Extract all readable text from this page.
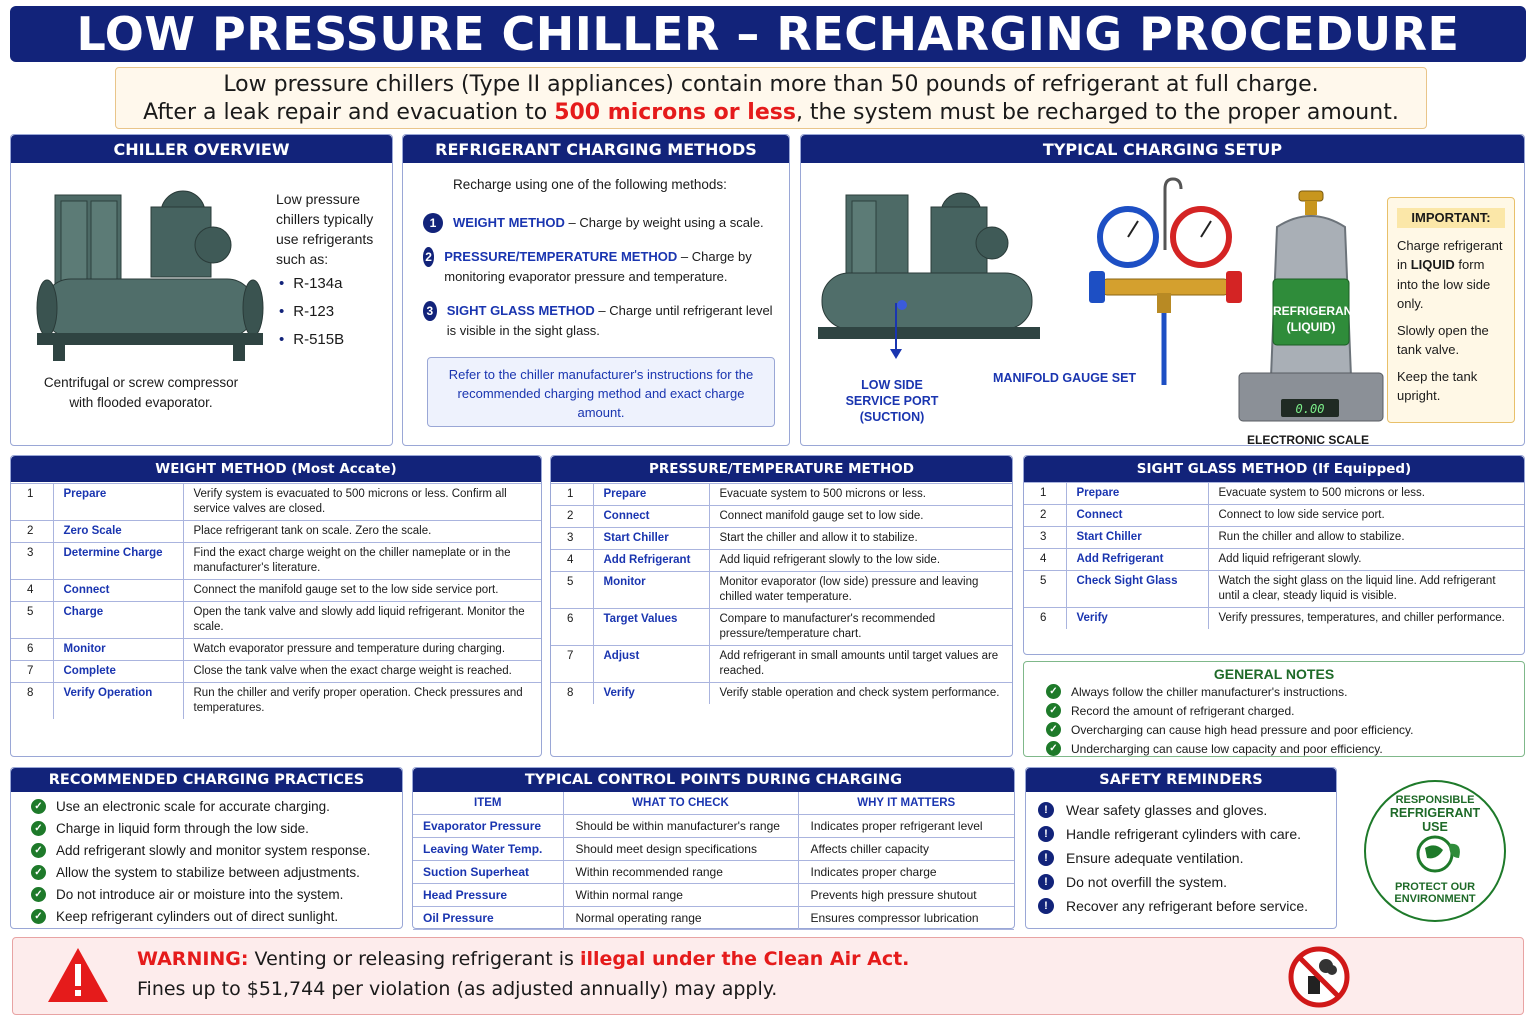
LOW PRESSURE CHILLER – RECHARGING PROCEDURE
Low pressure chillers (Type II appliances) contain more than 50 pounds of refrigerant at full charge.
After a leak repair and evacuation to 500 microns or less, the system must be recharged to the proper amount.
CHILLER OVERVIEW
Low pressure chillers typically use refrigerants such as:
• R-134a
• R-123
• R-515B
Centrifugal or screw compressor
with flooded evaporator.
REFRIGERANT CHARGING METHODS
Recharge using one of the following methods:
1	WEIGHT METHOD – Charge by weight using a scale.
2 PRESSURE/TEMPERATURE METHOD – Charge by monitoring evaporator pressure and temperature.
3 SIGHT GLASS METHOD – Charge until refrigerant level is visible in the sight glass.
Refer to the chiller manufacturer's instructions for the recommended charging method and exact charge amount.
TYPICAL CHARGING SETUP
LOW SIDE
SERVICE PORT
(SUCTION)
MANIFOLD GAUGE SET
REFRIGERANT
(LIQUID)
0.00
ELECTRONIC SCALE
IMPORTANT:
Charge refrigerant in LIQUID form into the low side only.
Slowly open the tank valve.
Keep the tank upright.
WEIGHT METHOD (Most Accate)
1	Prepare	Verify system is evacuated to 500 microns or less. Confirm all service valves are closed.
2	Zero Scale	Place refrigerant tank on scale. Zero the scale.
3	Determine Charge	Find the exact charge weight on the chiller nameplate or in the manufacturer's literature.
4	Connect	Connect the manifold gauge set to the low side service port.
5	Charge	Open the tank valve and slowly add liquid refrigerant. Monitor the scale.
6	Monitor	Watch evaporator pressure and temperature during charging.
7	Complete	Close the tank valve when the exact charge weight is reached.
8	Verify Operation	Run the chiller and verify proper operation. Check pressures and temperatures.
PRESSURE/TEMPERATURE METHOD
1	Prepare	Evacuate system to 500 microns or less.
2	Connect	Connect manifold gauge set to low side.
3	Start Chiller	Start the chiller and allow it to stabilize.
4	Add Refrigerant	Add liquid refrigerant slowly to the low side.
5	Monitor	Monitor evaporator (low side) pressure and leaving chilled water temperature.
6	Target Values	Compare to manufacturer's recommended pressure/temperature chart.
7	Adjust	Add refrigerant in small amounts until target values are reached.
8	Verify	Verify stable operation and check system performance.
SIGHT GLASS METHOD (If Equipped)
1	Prepare	Evacuate system to 500 microns or less.
2	Connect	Connect to low side service port.
3	Start Chiller	Run the chiller and allow to stabilize.
4	Add Refrigerant	Add liquid refrigerant slowly.
5	Check Sight Glass	Watch the sight glass on the liquid line. Add refrigerant until a clear, steady liquid is visible.
6	Verify	Verify pressures, temperatures, and chiller performance.
GENERAL NOTES
✓ Always follow the chiller manufacturer's instructions.
✓ Record the amount of refrigerant charged.
✓ Overcharging can cause high head pressure and poor efficiency.
✓ Undercharging can cause low capacity and poor efficiency.
RECOMMENDED CHARGING PRACTICES
✓ Use an electronic scale for accurate charging.
✓ Charge in liquid form through the low side.
✓ Add refrigerant slowly and monitor system response.
✓ Allow the system to stabilize between adjustments.
✓ Do not introduce air or moisture into the system.
✓ Keep refrigerant cylinders out of direct sunlight.
TYPICAL CONTROL POINTS DURING CHARGING
ITEM	WHAT TO CHECK	WHY IT MATTERS
Evaporator Pressure	Should be within manufacturer's range	Indicates proper refrigerant level
Leaving Water Temp.	Should meet design specifications	Affects chiller capacity
Suction Superheat	Within recommended range	Indicates proper charge
Head Pressure	Within normal range	Prevents high pressure shutout
Oil Pressure	Normal operating range	Ensures compressor lubrication
SAFETY REMINDERS
!	Wear safety glasses and gloves.
!	Handle refrigerant cylinders with care.
!	Ensure adequate ventilation.
!	Do not overfill the system.
!	Recover any refrigerant before service.
RESPONSIBLE
REFRIGERANT
USE
PROTECT OUR
ENVIRONMENT
WARNING: Venting or releasing refrigerant is illegal under the Clean Air Act.
Fines up to $51,744 per violation (as adjusted annually) may apply.
